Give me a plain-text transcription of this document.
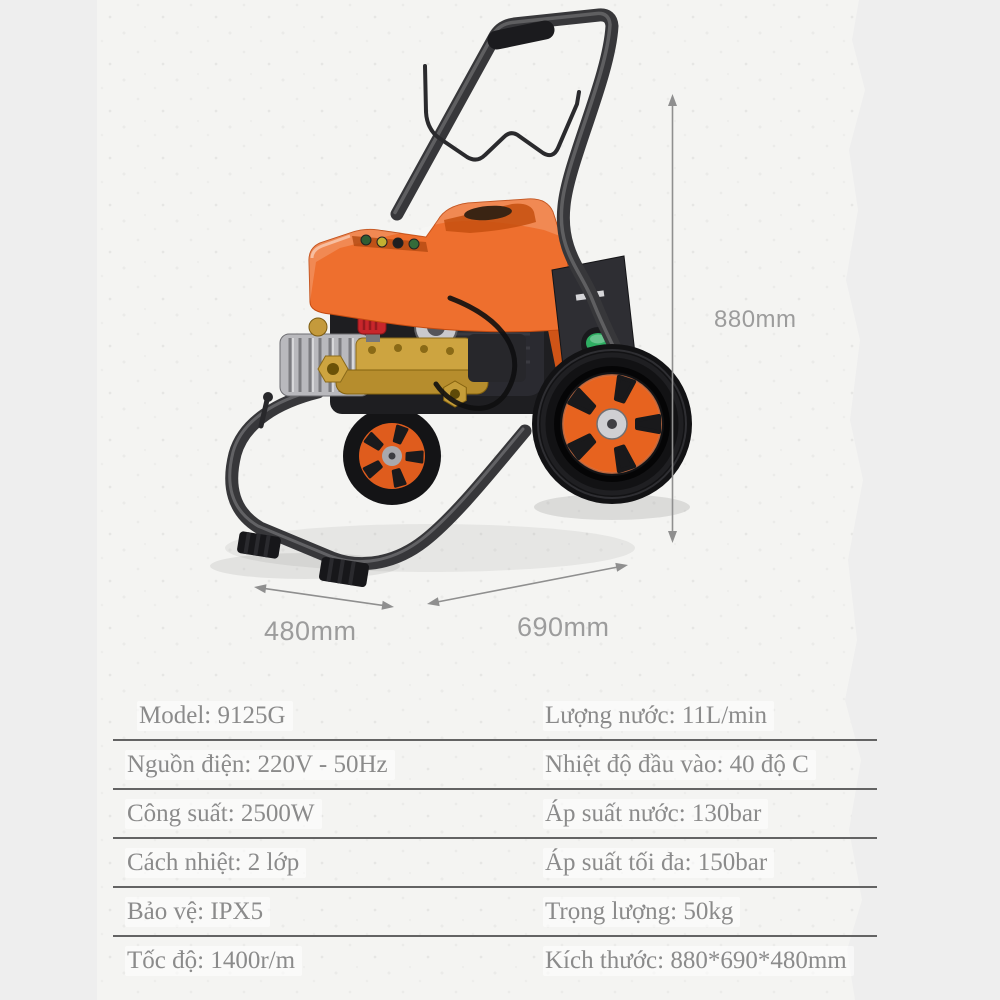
880mm
480mm	690mm
Model: 9125G	Lượng nước: 11L/min
Nguồn điện: 220V - 50Hz	Nhiệt độ đầu vào: 40 độ C
Công suất: 2500W	Áp suất nước: 130bar
Cách nhiệt: 2 lớp	Áp suất tối đa: 150bar
Bảo vệ: IPX5	Trọng lượng: 50kg
Tốc độ: 1400r/m	Kích thước: 880*690*480mm
